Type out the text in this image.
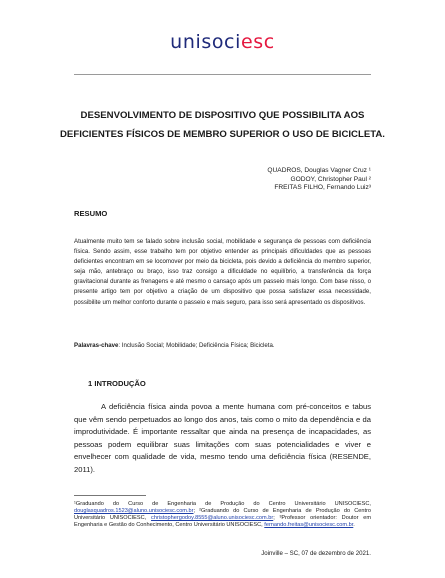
unisociesc
DESENVOLVIMENTO DE DISPOSITIVO QUE POSSIBILITA AOS DEFICIENTES FÍSICOS DE MEMBRO SUPERIOR O USO DE BICICLETA.
QUADROS, Douglas Vagner Cruz ¹
GODOY, Christopher Paul ²
FREITAS FILHO, Fernando Luiz³
RESUMO
Atualmente muito tem se falado sobre inclusão social, mobilidade e segurança de pessoas com deficiência física. Sendo assim, esse trabalho tem por objetivo entender as principais dificuldades que as pessoas deficientes encontram em se locomover por meio da bicicleta, pois devido a deficiência do membro superior, seja mão, antebraço ou braço, isso traz consigo a dificuldade no equilíbrio, a transferência da força gravitacional durante as frenagens e até mesmo o cansaço após um passeio mais longo. Com base nisso, o presente artigo tem por objetivo a criação de um dispositivo que possa satisfazer essa necessidade, possibilite um melhor conforto durante o passeio e mais seguro, para isso será apresentado os dispositivos.
Palavras-chave: Inclusão Social; Mobilidade; Deficiência Física; Bicicleta.
1 INTRODUÇÃO
A deficiência física ainda povoa a mente humana com pré-conceitos e tabus que vêm sendo perpetuados ao longo dos anos, tais como o mito da dependência e da improdutividade. É importante ressaltar que ainda na presença de incapacidades, as pessoas podem equilibrar suas limitações com suas potencialidades e viver e envelhecer com qualidade de vida, mesmo tendo uma deficiência física (RESENDE, 2011).
¹Graduando do Curso de Engenharia de Produção do Centro Universitário UNISOCIESC, douglasquadros.1523@aluno.unisociesc.com.br; ²Graduando do Curso de Engenharia de Produção do Centro Universitário UNISOCIESC, christophergodoy.8555@aluno.unisociesc.com.br; ³Professor orientador: Doutor em Engenharia e Gestão do Conhecimento, Centro Universitário UNISOCIESC, fernando.freitas@unisociesc.com.br.
Joinville – SC, 07 de dezembro de 2021.
